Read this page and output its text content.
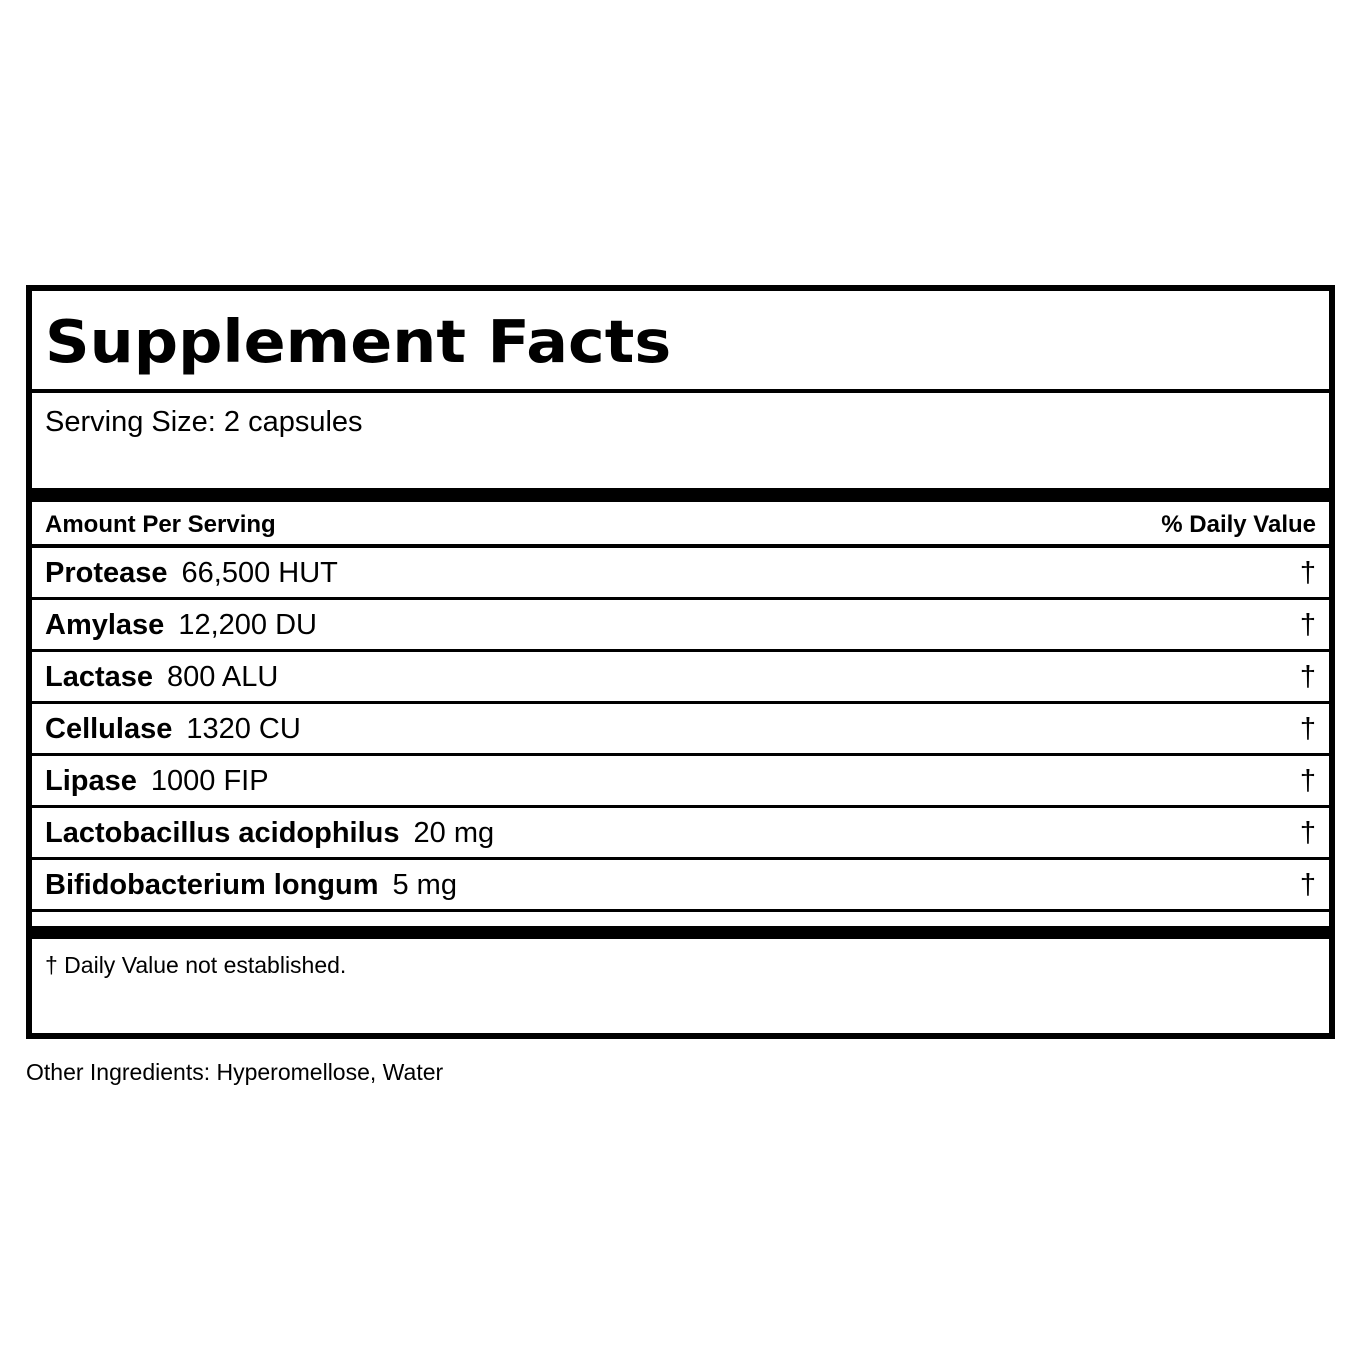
Supplement Facts
Serving Size: 2 capsules
Amount Per Serving	% Daily Value
Protease 66,500 HUT	†
Amylase 12,200 DU	†
Lactase 800 ALU	†
Cellulase 1320 CU	†
Lipase 1000 FIP	†
Lactobacillus acidophilus 20 mg	†
Bifidobacterium longum 5 mg	†
† Daily Value not established.
Other Ingredients: Hyperomellose, Water
